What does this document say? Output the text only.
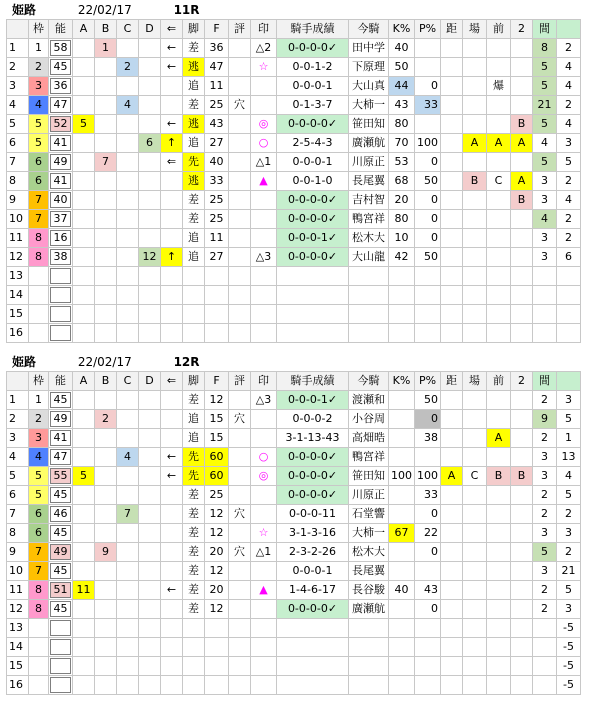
姫路	22/02/17	11R
	枠	能	A	B	C	D	⇐	脚	F	評	印	騎手成績	今騎	K%	P%	距	場	前	2	間	
1	1	58		1			←	差	36		△2	0-0-0-0✓	田中学	40						8	2
2	2	45			2		←	逃	47		☆	0-0-1-2	下原理	50						5	4
3	3	36						追	11			0-0-0-1	大山真	44	0			爆		5	4
4	4	47			4			差	25	穴		0-1-3-7	大柿一	43	33					21	2
5	5	52	5				←	逃	43		◎	0-0-0-0✓	笹田知	80					B	5	4
6	5	41				6	↑	追	27		○	2-5-4-3	廣瀬航	70	100		A	A	A	4	3
7	6	49		7			⇐	先	40		△1	0-0-0-1	川原正	53	0					5	5
8	6	41						逃	33		▲	0-0-1-0	長尾翼	68	50		B	C	A	3	2
9	7	40						差	25			0-0-0-0✓	吉村智	20	0				B	3	4
10	7	37						差	25			0-0-0-0✓	鴨宮祥	80	0					4	2
11	8	16						追	11			0-0-0-1✓	松木大	10	0					3	2
12	8	38				12	↑	追	27		△3	0-0-0-0✓	大山龍	42	50					3	6
13		

14		

15		

16		

姫路	22/02/17	12R
	枠	能	A	B	C	D	⇐	脚	F	評	印	騎手成績	今騎	K%	P%	距	場	前	2	間	
1	1	45						差	12		△3	0-0-0-1✓	渡瀬和		50					2	3
2	2	49		2				追	15	穴		0-0-0-2	小谷周		0					9	5
3	3	41						追	15			3-1-13-43	高畑晧		38			A		2	1
4	4	47			4		←	先	60		○	0-0-0-0✓	鴨宮祥							3	13
5	5	55	5				←	先	60		◎	0-0-0-0✓	笹田知	100	100	A	C	B	B	3	4
6	5	45						差	25			0-0-0-0✓	川原正		33					2	5
7	6	46			7			差	12	穴		0-0-0-11	石堂響		0					2	2
8	6	45						差	12		☆	3-1-3-16	大柿一	67	22					3	3
9	7	49		9				差	20	穴	△1	2-3-2-26	松木大		0					5	2
10	7	45						差	12			0-0-0-1	長尾翼							3	21
11	8	51	11				←	差	20		▲	1-4-6-17	長谷駿	40	43					2	5
12	8	45						差	12			0-0-0-0✓	廣瀬航		0					2	3
13																					-5
14																					-5
15																					-5
16																					-5
